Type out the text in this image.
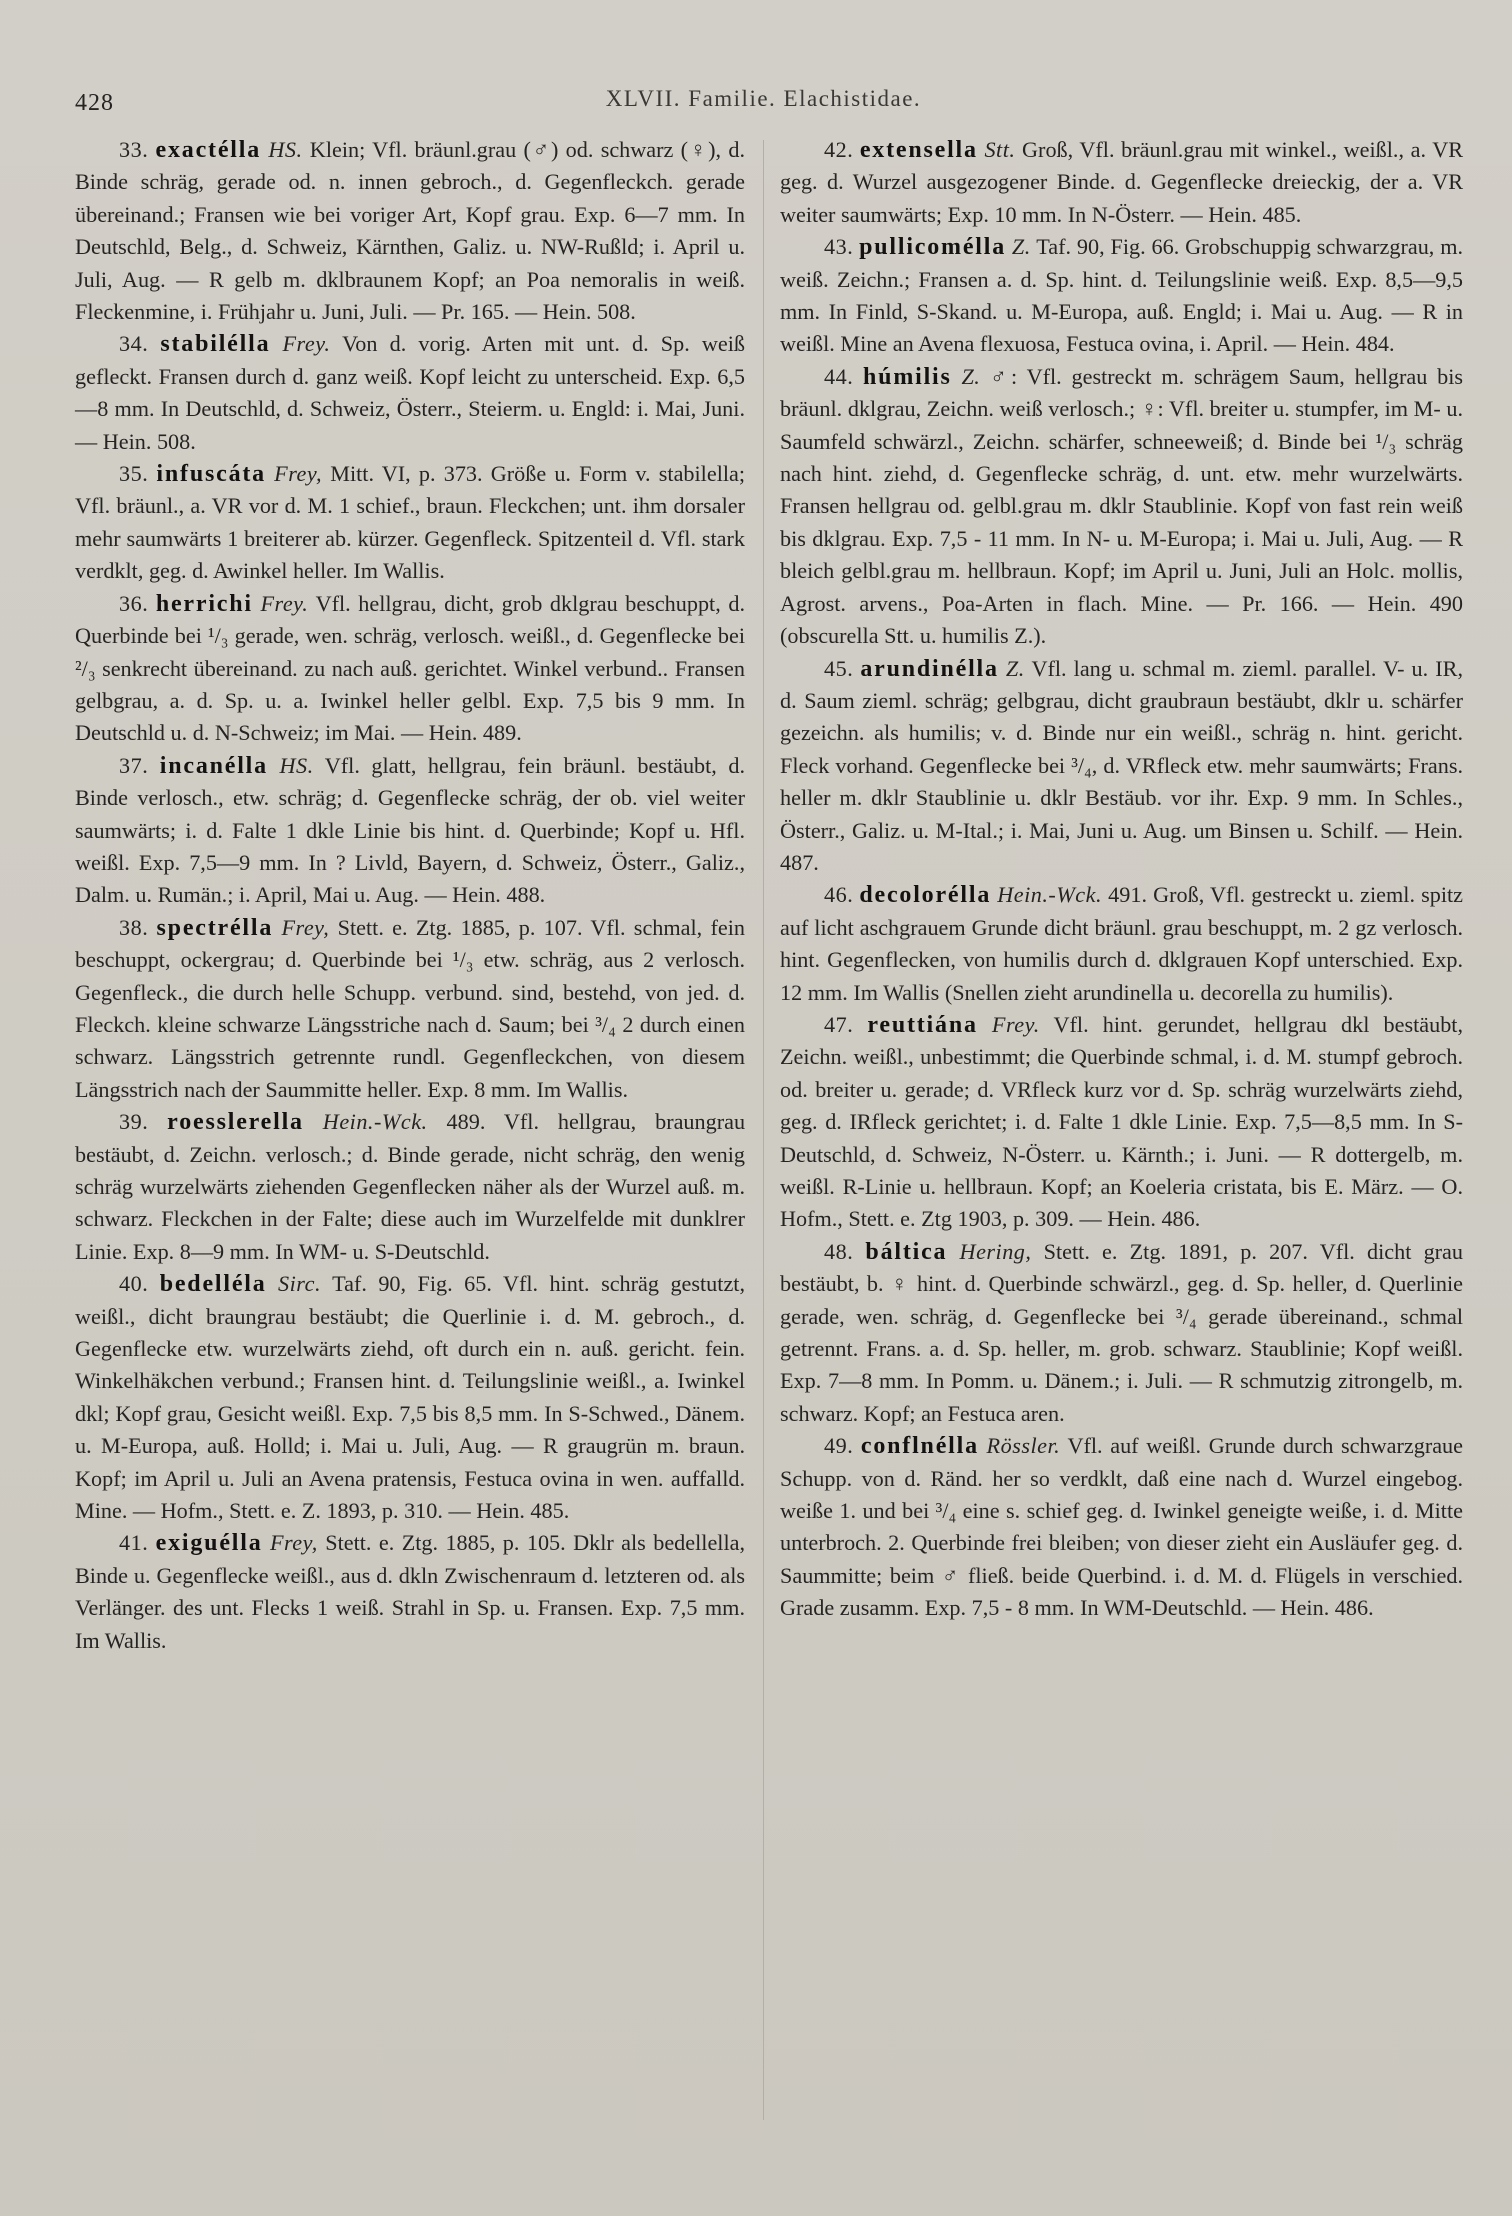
428	XLVII. Familie. Elachistidae.

33. exactélla HS. Klein; Vfl. bräunl.grau (♂) od. schwarz (♀), d. Binde schräg, gerade od. n. innen gebroch., d. Gegenfleckch. gerade übereinand.; Fransen wie bei voriger Art, Kopf grau. Exp. 6—7 mm. In Deutschld, Belg., d. Schweiz, Kärnthen, Galiz. u. NW-Rußld; i. April u. Juli, Aug. — R gelb m. dklbraunem Kopf; an Poa nemoralis in weiß. Fleckenmine, i. Frühjahr u. Juni, Juli. — Pr. 165. — Hein. 508.

34. stabiléllа Frey. Von d. vorig. Arten mit unt. d. Sp. weiß gefleckt. Fransen durch d. ganz weiß. Kopf leicht zu unterscheid. Exp. 6,5—8 mm. In Deutschld, d. Schweiz, Österr., Steierm. u. Engld: i. Mai, Juni. — Hein. 508.

35. infuscáta Frey, Mitt. VI, p. 373. Größe u. Form v. stabilella; Vfl. bräunl., a. VR vor d. M. 1 schief., braun. Fleckchen; unt. ihm dorsaler mehr saumwärts 1 breiterer ab. kürzer. Gegenfleck. Spitzenteil d. Vfl. stark verdklt, geg. d. Awinkel heller. Im Wallis.

36. herrichi Frey. Vfl. hellgrau, dicht, grob dklgrau beschuppt, d. Querbinde bei ¹/₃ gerade, wen. schräg, verlosch. weißl., d. Gegenflecke bei ²/₃ senkrecht übereinand. zu nach auß. gerichtet. Winkel verbund.. Fransen gelbgrau, a. d. Sp. u. a. Iwinkel heller gelbl. Exp. 7,5 bis 9 mm. In Deutschld u. d. N-Schweiz; im Mai. — Hein. 489.

37. incanélla HS. Vfl. glatt, hellgrau, fein bräunl. bestäubt, d. Binde verlosch., etw. schräg; d. Gegenflecke schräg, der ob. viel weiter saumwärts; i. d. Falte 1 dkle Linie bis hint. d. Querbinde; Kopf u. Hfl. weißl. Exp. 7,5—9 mm. In ? Livld, Bayern, d. Schweiz, Österr., Galiz., Dalm. u. Rumän.; i. April, Mai u. Aug. — Hein. 488.

38. spectrélla Frey, Stett. e. Ztg. 1885, p. 107. Vfl. schmal, fein beschuppt, ockergrau; d. Querbinde bei ¹/₃ etw. schräg, aus 2 verlosch. Gegenfleck., die durch helle Schupp. verbund. sind, bestehd, von jed. d. Fleckch. kleine schwarze Längsstriche nach d. Saum; bei ³/₄ 2 durch einen schwarz. Längsstrich getrennte rundl. Gegenfleckchen, von diesem Längsstrich nach der Saummitte heller. Exp. 8 mm. Im Wallis.

39. roesslerella Hein.-Wck. 489. Vfl. hellgrau, braungrau bestäubt, d. Zeichn. verlosch.; d. Binde gerade, nicht schräg, den wenig schräg wurzelwärts ziehenden Gegenflecken näher als der Wurzel auß. m. schwarz. Fleckchen in der Falte; diese auch im Wurzelfelde mit dunklrer Linie. Exp. 8—9 mm. In WM- u. S-Deutschld.

40. bedelléla Sirc. Taf. 90, Fig. 65. Vfl. hint. schräg gestutzt, weißl., dicht braungrau bestäubt; die Querlinie i. d. M. gebroch., d. Gegenflecke etw. wurzelwärts ziehd, oft durch ein n. auß. gericht. fein. Winkelhäkchen verbund.; Fransen hint. d. Teilungslinie weißl., a. Iwinkel dkl; Kopf grau, Gesicht weißl. Exp. 7,5 bis 8,5 mm. In S-Schwed., Dänem. u. M-Europa, auß. Holld; i. Mai u. Juli, Aug. — R graugrün m. braun. Kopf; im April u. Juli an Avena pratensis, Festuca ovina in wen. auffalld. Mine. — Hofm., Stett. e. Z. 1893, p. 310. — Hein. 485.

41. exiguélla Frey, Stett. e. Ztg. 1885, p. 105. Dklr als bedellella, Binde u. Gegenflecke weißl., aus d. dkln Zwischenraum d. letzteren od. als Verlänger. des unt. Flecks 1 weiß. Strahl in Sp. u. Fransen. Exp. 7,5 mm. Im Wallis.

42. extensella Stt. Groß, Vfl. bräunl.grau mit winkel., weißl., a. VR geg. d. Wurzel ausgezogener Binde. d. Gegenflecke dreieckig, der a. VR weiter saumwärts; Exp. 10 mm. In N-Österr. — Hein. 485.

43. pullicomélla Z. Taf. 90, Fig. 66. Grobschuppig schwarzgrau, m. weiß. Zeichn.; Fransen a. d. Sp. hint. d. Teilungslinie weiß. Exp. 8,5—9,5 mm. In Finld, S-Skand. u. M-Europa, auß. Engld; i. Mai u. Aug. — R in weißl. Mine an Avena flexuosa, Festuca ovina, i. April. — Hein. 484.

44. húmilis Z. ♂: Vfl. gestreckt m. schrägem Saum, hellgrau bis bräunl. dklgrau, Zeichn. weiß verlosch.; ♀: Vfl. breiter u. stumpfer, im M- u. Saumfeld schwärzl., Zeichn. schärfer, schneeweiß; d. Binde bei ¹/₃ schräg nach hint. ziehd, d. Gegenflecke schräg, d. unt. etw. mehr wurzelwärts. Fransen hellgrau od. gelbl.grau m. dklr Staublinie. Kopf von fast rein weiß bis dklgrau. Exp. 7,5 - 11 mm. In N- u. M-Europa; i. Mai u. Juli, Aug. — R bleich gelbl.grau m. hellbraun. Kopf; im April u. Juni, Juli an Holc. mollis, Agrost. arvens., Poa-Arten in flach. Mine. — Pr. 166. — Hein. 490 (obscurella Stt. u. humilis Z.).

45. arundinélla Z. Vfl. lang u. schmal m. zieml. parallel. V- u. IR, d. Saum zieml. schräg; gelbgrau, dicht graubraun bestäubt, dklr u. schärfer gezeichn. als humilis; v. d. Binde nur ein weißl., schräg n. hint. gericht. Fleck vorhand. Gegenflecke bei ³/₄, d. VRfleck etw. mehr saumwärts; Frans. heller m. dklr Staublinie u. dklr Bestäub. vor ihr. Exp. 9 mm. In Schles., Österr., Galiz. u. M-Ital.; i. Mai, Juni u. Aug. um Binsen u. Schilf. — Hein. 487.

46. decolorélla Hein.-Wck. 491. Groß, Vfl. gestreckt u. zieml. spitz auf licht aschgrauem Grunde dicht bräunl. grau beschuppt, m. 2 gz verlosch. hint. Gegenflecken, von humilis durch d. dklgrauen Kopf unterschied. Exp. 12 mm. Im Wallis (Snellen zieht arundinella u. decorella zu humilis).

47. reuttiána Frey. Vfl. hint. gerundet, hellgrau dkl bestäubt, Zeichn. weißl., unbestimmt; die Querbinde schmal, i. d. M. stumpf gebroch. od. breiter u. gerade; d. VRfleck kurz vor d. Sp. schräg wurzelwärts ziehd, geg. d. IRfleck gerichtet; i. d. Falte 1 dkle Linie. Exp. 7,5—8,5 mm. In S-Deutschld, d. Schweiz, N-Österr. u. Kärnth.; i. Juni. — R dottergelb, m. weißl. R-Linie u. hellbraun. Kopf; an Koeleria cristata, bis E. März. — O. Hofm., Stett. e. Ztg 1903, p. 309. — Hein. 486.

48. báltica Hering, Stett. e. Ztg. 1891, p. 207. Vfl. dicht grau bestäubt, b. ♀ hint. d. Querbinde schwärzl., geg. d. Sp. heller, d. Querlinie gerade, wen. schräg, d. Gegenflecke bei ³/₄ gerade übereinand., schmal getrennt. Frans. a. d. Sp. heller, m. grob. schwarz. Staublinie; Kopf weißl. Exp. 7—8 mm. In Pomm. u. Dänem.; i. Juli. — R schmutzig zitrongelb, m. schwarz. Kopf; an Festuca aren.

49. conflnélla Rössler. Vfl. auf weißl. Grunde durch schwarzgraue Schupp. von d. Ränd. her so verdklt, daß eine nach d. Wurzel eingebog. weiße 1. und bei ³/₄ eine s. schief geg. d. Iwinkel geneigte weiße, i. d. Mitte unterbroch. 2. Querbinde frei bleiben; von dieser zieht ein Ausläufer geg. d. Saummitte; beim ♂ fließ. beide Querbind. i. d. M. d. Flügels in verschied. Grade zusamm. Exp. 7,5 - 8 mm. In WM-Deutschld. — Hein. 486.
